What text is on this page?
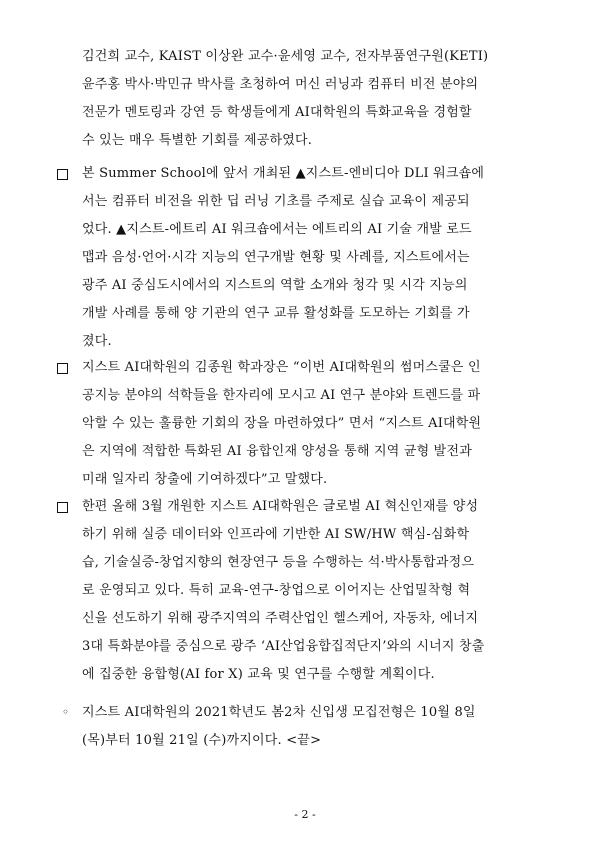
김건희 교수, KAIST 이상완 교수·윤세영 교수, 전자부품연구원(KETI)
윤주홍 박사·박민규 박사를 초청하여 머신 러닝과 컴퓨터 비전 분야의
전문가 멘토링과 강연 등 학생들에게 AI대학원의 특화교육을 경험할
수 있는 매우 특별한 기회를 제공하였다.
본 Summer School에 앞서 개최된 ▲지스트-엔비디아 DLI 워크숍에
서는 컴퓨터 비전을 위한 딥 러닝 기초를 주제로 실습 교육이 제공되
었다. ▲지스트-에트리 AI 워크숍에서는 에트리의 AI 기술 개발 로드
맵과 음성·언어·시각 지능의 연구개발 현황 및 사례를, 지스트에서는
광주 AI 중심도시에서의 지스트의 역할 소개와 청각 및 시각 지능의
개발 사례를 통해 양 기관의 연구 교류 활성화를 도모하는 기회를 가
졌다.
지스트 AI대학원의 김종원 학과장은 “이번 AI대학원의 썸머스쿨은 인
공지능 분야의 석학들을 한자리에 모시고 AI 연구 분야와 트렌드를 파
악할 수 있는 훌륭한 기회의 장을 마련하였다” 면서 “지스트 AI대학원
은 지역에 적합한 특화된 AI 융합인재 양성을 통해 지역 균형 발전과
미래 일자리 창출에 기여하겠다”고 말했다.
한편 올해 3월 개원한 지스트 AI대학원은 글로벌 AI 혁신인재를 양성
하기 위해 실증 데이터와 인프라에 기반한 AI SW/HW 핵심-심화학
습, 기술실증-창업지향의 현장연구 등을 수행하는 석·박사통합과정으
로 운영되고 있다. 특히 교육-연구-창업으로 이어지는 산업밀착형 혁
신을 선도하기 위해 광주지역의 주력산업인 헬스케어, 자동차, 에너지
3대 특화분야를 중심으로 광주 ‘AI산업융합집적단지’와의 시너지 창출
에 집중한 융합형(AI for X) 교육 및 연구를 수행할 계획이다.
◦ 지스트 AI대학원의 2021학년도 봄2차 신입생 모집전형은 10월 8일
(목)부터 10월 21일 (수)까지이다. <끝>
- 2 -
